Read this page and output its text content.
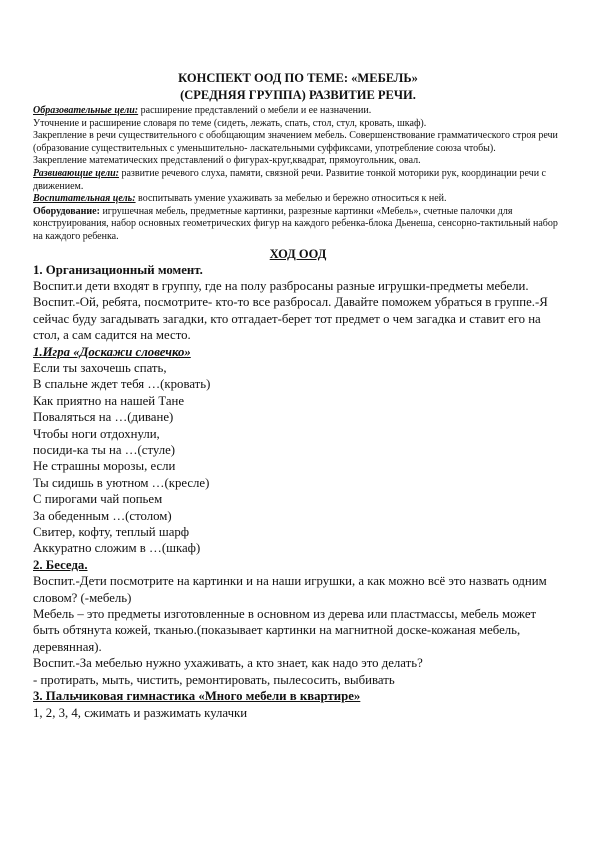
КОНСПЕКТ ООД ПО ТЕМЕ: «МЕБЕЛЬ»

(СРЕДНЯЯ ГРУППА) РАЗВИТИЕ РЕЧИ.

Образовательные цели: расширение представлений о мебели и ее назначении.

Уточнение и расширение словаря по теме (сидеть, лежать, спать, стол, стул, кровать, шкаф).

Закрепление в речи существительного с обобщающим значением мебель. Совершенствование грамматического строя речи (образование существительных с уменьшительно- ласкательными суффиксами, употребление союза чтобы).

Закрепление математических представлений о фигурах-круг,квадрат, прямоугольник, овал.

Развивающие цели: развитие речевого слуха, памяти, связной речи. Развитие тонкой моторики рук, координации речи с движением.

Воспитательная цель: воспитывать умение ухаживать за мебелью и бережно относиться к ней.

Оборудование: игрушечная мебель, предметные картинки, разрезные картинки «Мебель», счетные палочки для конструирования, набор основных геометрических фигур на каждого ребенка-блока Дьенеша, сенсорно-тактильный набор на каждого ребенка.

ХОД ООД

1. Организационный момент.

Воспит.и дети входят в группу, где на полу разбросаны разные игрушки-предметы мебели.

Воспит.-Ой, ребята, посмотрите- кто-то все разбросал. Давайте поможем убраться в группе.-Я сейчас буду загадывать загадки, кто отгадает-берет тот предмет о чем загадка и ставит его на стол, а сам садится на место.

1.Игра «Доскажи словечко»

Если ты захочешь спать,

В спальне ждет тебя …(кровать)

Как приятно на нашей Тане

Поваляться на …(диване)

Чтобы ноги отдохнули,

посиди-ка ты на …(стуле)

Не страшны морозы, если

Ты сидишь в уютном …(кресле)

С пирогами чай попьем

За обеденным …(столом)

Свитер, кофту, теплый шарф

Аккуратно сложим в …(шкаф)

2. Беседа.

Воспит.-Дети посмотрите на картинки и на наши игрушки, а как можно всё это назвать одним словом? (-мебель)

Мебель – это предметы изготовленные в основном из дерева или пластмассы, мебель может быть обтянута кожей, тканью.(показывает картинки на магнитной доске-кожаная мебель, деревянная).

Воспит.-За мебелью нужно ухаживать, а кто знает, как надо это делать?

- протирать, мыть, чистить, ремонтировать, пылесосить, выбивать

3. Пальчиковая гимнастика «Много мебели в квартире»

1, 2, 3, 4, сжимать и разжимать кулачки
